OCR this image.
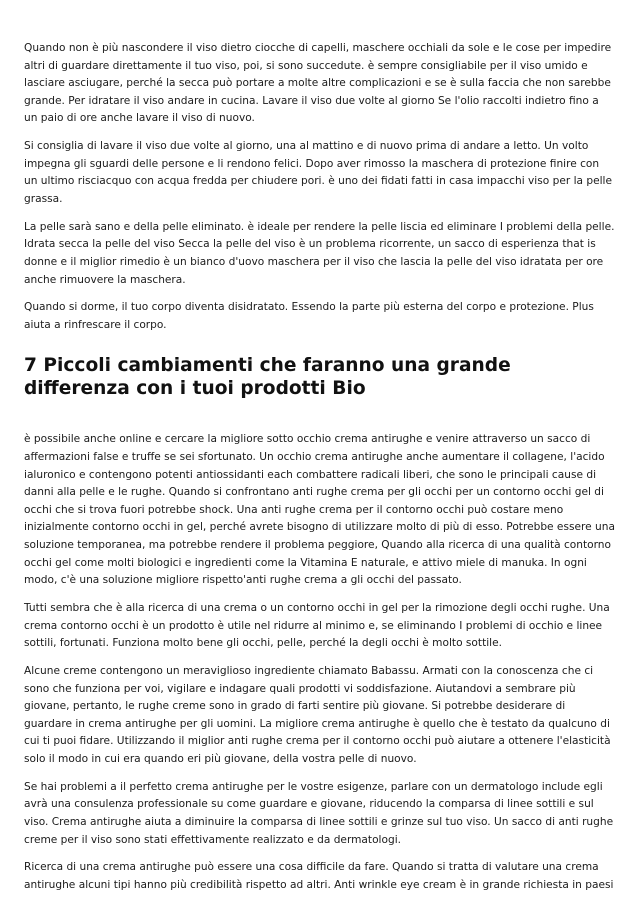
Quando non è più nascondere il viso dietro ciocche di capelli, maschere occhiali da sole e le cose per impedire altri di guardare direttamente il tuo viso, poi, si sono succedute. è sempre consigliabile per il viso umido e lasciare asciugare, perché la secca può portare a molte altre complicazioni e se è sulla faccia che non sarebbe grande. Per idratare il viso andare in cucina. Lavare il viso due volte al giorno Se l'olio raccolti indietro fino a un paio di ore anche lavare il viso di nuovo.

Si consiglia di lavare il viso due volte al giorno, una al mattino e di nuovo prima di andare a letto. Un volto impegna gli sguardi delle persone e li rendono felici. Dopo aver rimosso la maschera di protezione finire con un ultimo risciacquo con acqua fredda per chiudere pori. è uno dei fidati fatti in casa impacchi viso per la pelle grassa.

La pelle sarà sano e della pelle eliminato. è ideale per rendere la pelle liscia ed eliminare I problemi della pelle. Idrata secca la pelle del viso Secca la pelle del viso è un problema ricorrente, un sacco di esperienza that is donne e il miglior rimedio è un bianco d'uovo maschera per il viso che lascia la pelle del viso idratata per ore anche rimuovere la maschera.

Quando si dorme, il tuo corpo diventa disidratato. Essendo la parte più esterna del corpo e protezione. Plus aiuta a rinfrescare il corpo.

7 Piccoli cambiamenti che faranno una grande differenza con i tuoi prodotti Bio

è possibile anche online e cercare la migliore sotto occhio crema antirughe e venire attraverso un sacco di affermazioni false e truffe se sei sfortunato. Un occhio crema antirughe anche aumentare il collagene, l'acido ialuronico e contengono potenti antiossidanti each combattere radicali liberi, che sono le principali cause di danni alla pelle e le rughe. Quando si confrontano anti rughe crema per gli occhi per un contorno occhi gel di occhi che si trova fuori potrebbe shock. Una anti rughe crema per il contorno occhi può costare meno inizialmente contorno occhi in gel, perché avrete bisogno di utilizzare molto di più di esso. Potrebbe essere una soluzione temporanea, ma potrebbe rendere il problema peggiore, Quando alla ricerca di una qualità contorno occhi gel come molti biologici e ingredienti come la Vitamina E naturale, e attivo miele di manuka. In ogni modo, c'è una soluzione migliore rispetto'anti rughe crema a gli occhi del passato.

Tutti sembra che è alla ricerca di una crema o un contorno occhi in gel per la rimozione degli occhi rughe. Una crema contorno occhi è un prodotto è utile nel ridurre al minimo e, se eliminando I problemi di occhio e linee sottili, fortunati. Funziona molto bene gli occhi, pelle, perché la degli occhi è molto sottile.

Alcune creme contengono un meraviglioso ingrediente chiamato Babassu. Armati con la conoscenza che ci sono che funziona per voi, vigilare e indagare quali prodotti vi soddisfazione. Aiutandovi a sembrare più giovane, pertanto, le rughe creme sono in grado di farti sentire più giovane. Si potrebbe desiderare di guardare in crema antirughe per gli uomini. La migliore crema antirughe è quello che è testato da qualcuno di cui ti puoi fidare. Utilizzando il miglior anti rughe crema per il contorno occhi può aiutare a ottenere l'elasticità solo il modo in cui era quando eri più giovane, della vostra pelle di nuovo.

Se hai problemi a il perfetto crema antirughe per le vostre esigenze, parlare con un dermatologo include egli avrà una consulenza professionale su come guardare e giovane, riducendo la comparsa di linee sottili e sul viso. Crema antirughe aiuta a diminuire la comparsa di linee sottili e grinze sul tuo viso. Un sacco di anti rughe creme per il viso sono stati effettivamente realizzato e da dermatologi.

Ricerca di una crema antirughe può essere una cosa difficile da fare. Quando si tratta di valutare una crema antirughe alcuni tipi hanno più credibilità rispetto ad altri. Anti wrinkle eye cream è in grande richiesta in paesi
